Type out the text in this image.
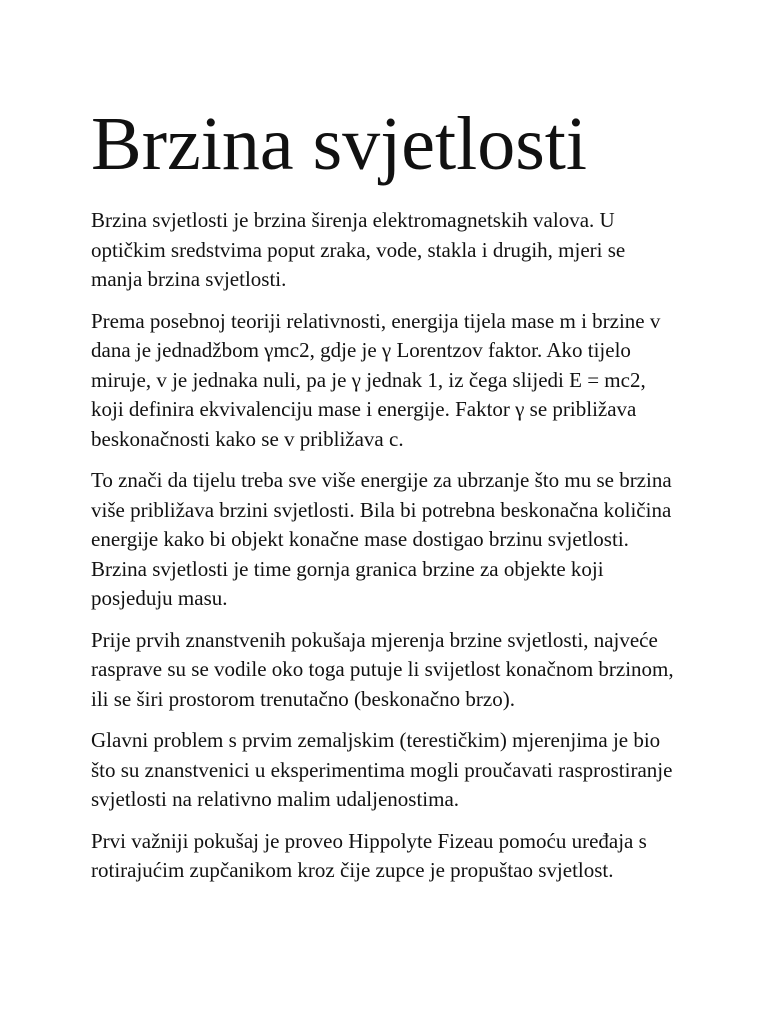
Brzina svjetlosti

Brzina svjetlosti je brzina širenja elektromagnetskih valova. U optičkim sredstvima poput zraka, vode, stakla i drugih, mjeri se manja brzina svjetlosti.

Prema posebnoj teoriji relativnosti, energija tijela mase m i brzine v dana je jednadžbom γmc2, gdje je γ Lorentzov faktor. Ako tijelo miruje, v je jednaka nuli, pa je γ jednak 1, iz čega slijedi E = mc2, koji definira ekvivalenciju mase i energije. Faktor γ se približava beskonačnosti kako se v približava c.

To znači da tijelu treba sve više energije za ubrzanje što mu se brzina više približava brzini svjetlosti. Bila bi potrebna beskonačna količina energije kako bi objekt konačne mase dostigao brzinu svjetlosti. Brzina svjetlosti je time gornja granica brzine za objekte koji posjeduju masu.

Prije prvih znanstvenih pokušaja mjerenja brzine svjetlosti, najveće rasprave su se vodile oko toga putuje li svijetlost konačnom brzinom, ili se širi prostorom trenutačno (beskonačno brzo).

Glavni problem s prvim zemaljskim (terestičkim) mjerenjima je bio što su znanstvenici u eksperimentima mogli proučavati rasprostiranje svjetlosti na relativno malim udaljenostima.

Prvi važniji pokušaj je proveo Hippolyte Fizeau pomoću uređaja s rotirajućim zupčanikom kroz čije zupce je propuštao svjetlost.
